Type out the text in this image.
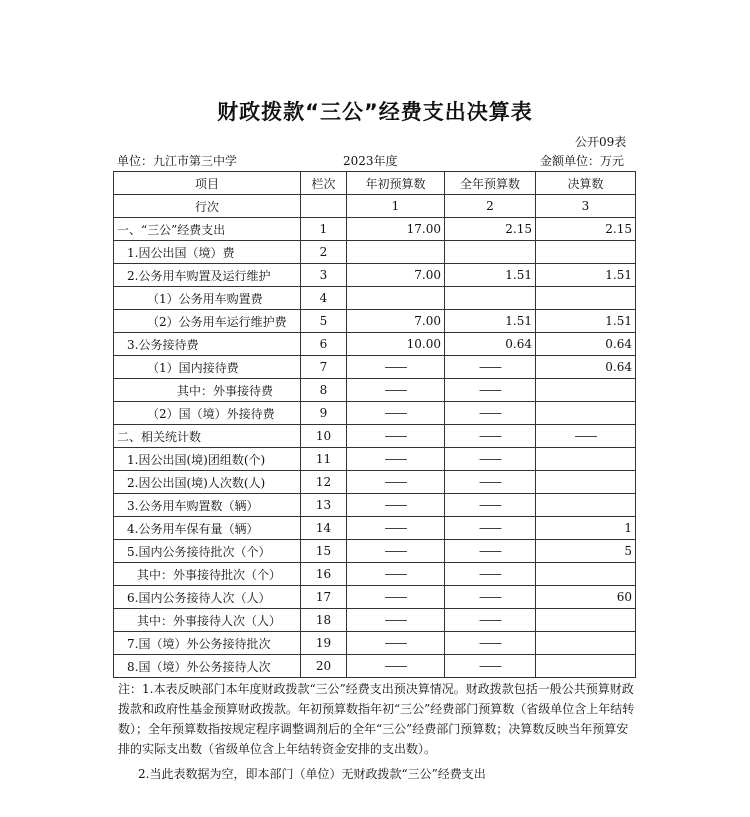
财政拨款“三公”经费支出决算表
公开09表
单位：九江市第三中学	2023年度	金额单位：万元
项目	栏次	年初预算数	全年预算数	决算数
行次		1	2	3
一、“三公”经费支出	1	17.00	2.15	2.15
1.因公出国（境）费	2			
2.公务用车购置及运行维护	3	7.00	1.51	1.51
（1）公务用车购置费	4			
（2）公务用车运行维护费	5	7.00	1.51	1.51
3.公务接待费	6	10.00	0.64	0.64
（1）国内接待费	7	——	——	0.64
其中：外事接待费	8	——	——	
（2）国（境）外接待费	9	——	——	
二、相关统计数	10	——	——	——
1.因公出国(境)团组数(个)	11	——	——	
2.因公出国(境)人次数(人)	12	——	——	
3.公务用车购置数（辆）	13	——	——	
4.公务用车保有量（辆）	14	——	——	1
5.国内公务接待批次（个）	15	——	——	5
其中：外事接待批次（个）	16	——	——	
6.国内公务接待人次（人）	17	——	——	60
其中：外事接待人次（人）	18	——	——	
7.国（境）外公务接待批次	19	——	——	
8.国（境）外公务接待人次	20	——	——	
注：1.本表反映部门本年度财政拨款“三公”经费支出预决算情况。财政拨款包括一般公共预算财政拨款和政府性基金预算财政拨款。年初预算数指年初“三公”经费部门预算数（省级单位含上年结转数）；全年预算数指按规定程序调整调剂后的全年“三公”经费部门预算数；决算数反映当年预算安排的实际支出数（省级单位含上年结转资金安排的支出数）。
2.当此表数据为空，即本部门（单位）无财政拨款“三公”经费支出
